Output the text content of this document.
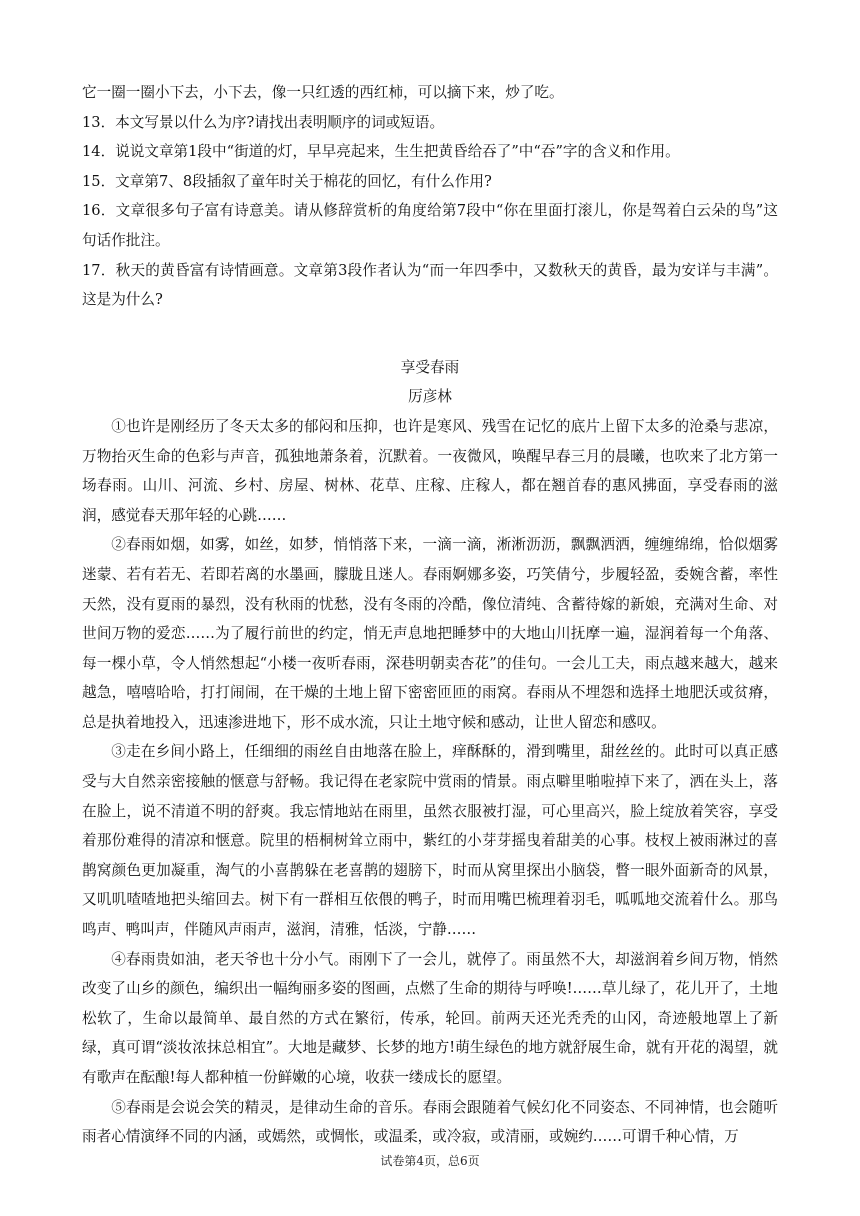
它一圈一圈小下去，小下去，像一只红透的西红柿，可以摘下来，炒了吃。

13．本文写景以什么为序?请找出表明顺序的词或短语。

14．说说文章第1段中“街道的灯，早早亮起来，生生把黄昏给吞了”中“吞”字的含义和作用。

15．文章第7、8段插叙了童年时关于棉花的回忆，有什么作用?

16．文章很多句子富有诗意美。请从修辞赏析的角度给第7段中“你在里面打滚儿，你是驾着白云朵的鸟”这句话作批注。

17．秋天的黄昏富有诗情画意。文章第3段作者认为“而一年四季中，又数秋天的黄昏，最为安详与丰满”。这是为什么?

享受春雨

厉彦林

①也许是刚经历了冬天太多的郁闷和压抑，也许是寒风、残雪在记忆的底片上留下太多的沧桑与悲凉，万物抬灭生命的色彩与声音，孤独地萧条着，沉默着。一夜微风，唤醒早春三月的晨曦，也吹来了北方第一场春雨。山川、河流、乡村、房屋、树林、花草、庄稼、庄稼人，都在翘首春的惠风拂面，享受春雨的滋润，感觉春天那年轻的心跳……

②春雨如烟，如雾，如丝，如梦，悄悄落下来，一滴一滴，淅淅沥沥，飘飘洒洒，缠缠绵绵，恰似烟雾迷蒙、若有若无、若即若离的水墨画，朦胧且迷人。春雨婀娜多姿，巧笑倩兮，步履轻盈，委婉含蓄，率性天然，没有夏雨的暴烈，没有秋雨的忧愁，没有冬雨的冷酷，像位清纯、含蓄待嫁的新娘，充满对生命、对世间万物的爱恋……为了履行前世的约定，悄无声息地把睡梦中的大地山川抚摩一遍，湿润着每一个角落、每一棵小草，令人悄然想起“小楼一夜听春雨，深巷明朝卖杏花”的佳句。一会儿工夫，雨点越来越大，越来越急，嘻嘻哈哈，打打闹闹，在干燥的土地上留下密密匝匝的雨窝。春雨从不埋怨和选择土地肥沃或贫瘠，总是执着地投入，迅速渗进地下，形不成水流，只让土地守候和感动，让世人留恋和感叹。

③走在乡间小路上，任细细的雨丝自由地落在脸上，痒酥酥的，滑到嘴里，甜丝丝的。此时可以真正感受与大自然亲密接触的惬意与舒畅。我记得在老家院中赏雨的情景。雨点噼里啪啦掉下来了，洒在头上，落在脸上，说不清道不明的舒爽。我忘情地站在雨里，虽然衣服被打湿，可心里高兴，脸上绽放着笑容，享受着那份难得的清凉和惬意。院里的梧桐树耸立雨中，紫红的小芽芽摇曳着甜美的心事。枝杈上被雨淋过的喜鹊窝颜色更加凝重，淘气的小喜鹊躲在老喜鹊的翅膀下，时而从窝里探出小脑袋，瞥一眼外面新奇的风景，又叽叽喳喳地把头缩回去。树下有一群相互依偎的鸭子，时而用嘴巴梳理着羽毛，呱呱地交流着什么。那鸟鸣声、鸭叫声，伴随风声雨声，滋润，清雅，恬淡，宁静……

④春雨贵如油，老天爷也十分小气。雨刚下了一会儿，就停了。雨虽然不大，却滋润着乡间万物，悄然改变了山乡的颜色，编织出一幅绚丽多姿的图画，点燃了生命的期待与呼唤!……草儿绿了，花儿开了，土地松软了，生命以最简单、最自然的方式在繁衍，传承，轮回。前两天还光秃秃的山冈，奇迹般地罩上了新绿，真可谓“淡妆浓抹总相宜”。大地是藏梦、长梦的地方!萌生绿色的地方就舒展生命，就有开花的渴望，就有歌声在酝酿!每人都种植一份鲜嫩的心境，收获一缕成长的愿望。

⑤春雨是会说会笑的精灵，是律动生命的音乐。春雨会跟随着气候幻化不同姿态、不同神情，也会随听雨者心情演绎不同的内涵，或嫣然，或惆怅，或温柔，或冷寂，或清丽，或婉约……可谓千种心情，万

试卷第4页，总6页
